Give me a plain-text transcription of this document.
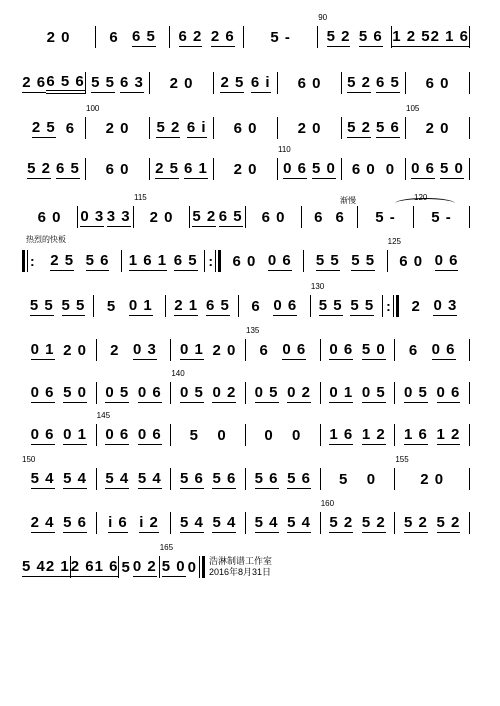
渐慢
热烈的快板
2 0	6 6 5 6 2 2 6 5 -
90
5 2 5 6 1 2 5 2 1 6
2 6 6 5 6 5 5 6 3 2 0 2 5 6 i 6 0 5 2 6 5 6 0
2 5 6
100
2 0 5 2 6 i 6 0	2 0 5 2 5 6
105
2 0
5 2 6 5 6 0 2 5 6 1 2 0
110
0 6 5 0 6 0 0 0 6 5 0
6 0 0 3 3 3
115
2 0 5 2 6 5 6 0 6 6 5 -
120
5 -
: 2 5 5 6 1 6 1 6 5 : 6 0 0 6 5 5 5 5
125
6 0 0 6
5 5 5 5 5 0 1 2 1 6 5 6 0 6
130
5 5 5 5 : 2 0 3
0 1 2 0 2 0 3 0 1 2 0
135
6 0 6 0 6 5 0 6 0 6
0 6 5 0 0 5 0 6
140
0 5 0 2 0 5 0 2 0 1 0 5 0 5 0 6
0 6 0 1
145
0 6 0 6 5 0	0 0 1 6 1 2 1 6 1 2
150
5 4 5 4 5 4 5 4 5 6 5 6 5 6 5 6 5 0
155
2 0
2 4 5 6 i 6 i 2 5 4 5 4 5 4 5 4
160
5 2 5 2 5 2 5 2
5 4 2 1 2 6 1 6 5 0 2
165
5 0 0 浩淋制谱工作室
2016年8月31日
